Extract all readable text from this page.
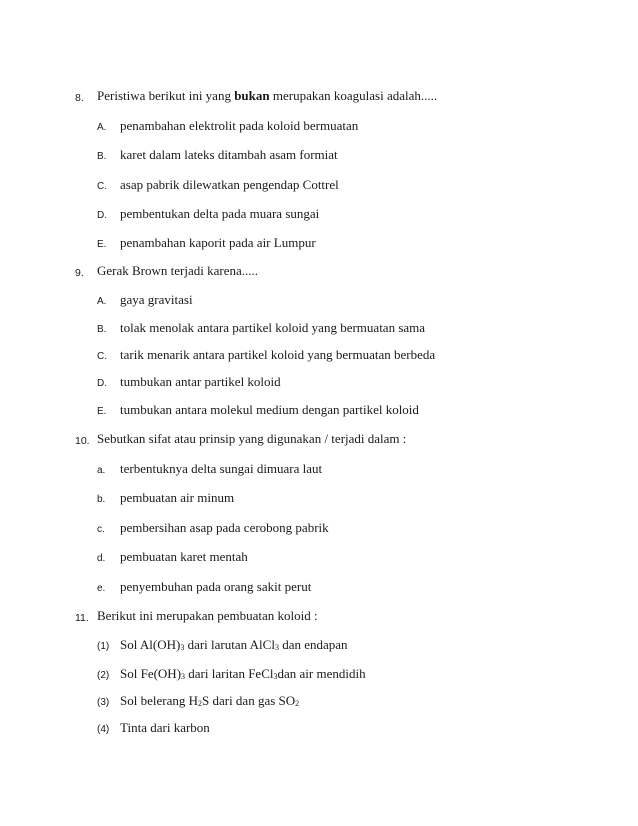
8. Peristiwa berikut ini yang bukan merupakan koagulasi adalah.....
A. penambahan elektrolit pada koloid bermuatan
B. karet dalam lateks ditambah asam formiat
C. asap pabrik dilewatkan pengendap Cottrel
D. pembentukan delta pada muara sungai
E. penambahan kaporit pada air Lumpur
9. Gerak Brown terjadi karena.....
A. gaya gravitasi
B. tolak menolak antara partikel koloid yang bermuatan sama
C. tarik menarik antara partikel koloid yang bermuatan berbeda
D. tumbukan antar partikel koloid
E. tumbukan antara molekul medium dengan partikel koloid
10. Sebutkan sifat atau prinsip yang digunakan / terjadi dalam :
a. terbentuknya delta sungai dimuara laut
b. pembuatan air minum
c. pembersihan asap pada cerobong pabrik
d. pembuatan karet mentah
e. penyembuhan pada orang sakit perut
11. Berikut ini merupakan pembuatan koloid :
(1) Sol $Al(OH)_3$ dari larutan AlCl$_3$ dan endapan
(2) Sol $Fe(OH)_3$ dari laritan FeCl$_3$dan air mendidih
(3) Sol belerang $H_2S$ dari dan gas $SO_2$
(4) Tinta dari karbon
